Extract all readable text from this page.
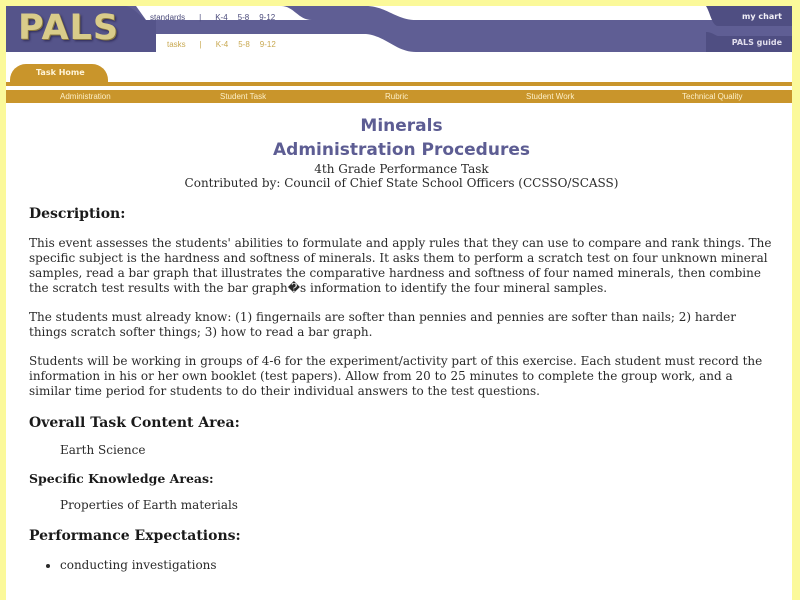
PALS	standards | K-4 5-8 9-12
tasks | K-4 5-8 9-12
my chart
PALS guide
Task Home
Administration	Student Task	Rubric	Student Work	Technical Quality
Minerals
Administration Procedures
4th Grade Performance Task
Contributed by: Council of Chief State School Officers (CCSSO/SCASS)
Description:

This event assesses the students' abilities to formulate and apply rules that they can use to compare and rank things. The specific subject is the hardness and softness of minerals. It asks them to perform a scratch test on four unknown mineral samples, read a bar graph that illustrates the comparative hardness and softness of four named minerals, then combine the scratch test results with the bar graph�s information to identify the four mineral samples.

The students must already know: (1) fingernails are softer than pennies and pennies are softer than nails; 2) harder things scratch softer things; 3) how to read a bar graph.

Students will be working in groups of 4-6 for the experiment/activity part of this exercise. Each student must record the information in his or her own booklet (test papers). Allow from 20 to 25 minutes to complete the group work, and a similar time period for students to do their individual answers to the test questions.

Overall Task Content Area:
Earth Science
Specific Knowledge Areas:
Properties of Earth materials
Performance Expectations:
• conducting investigations
